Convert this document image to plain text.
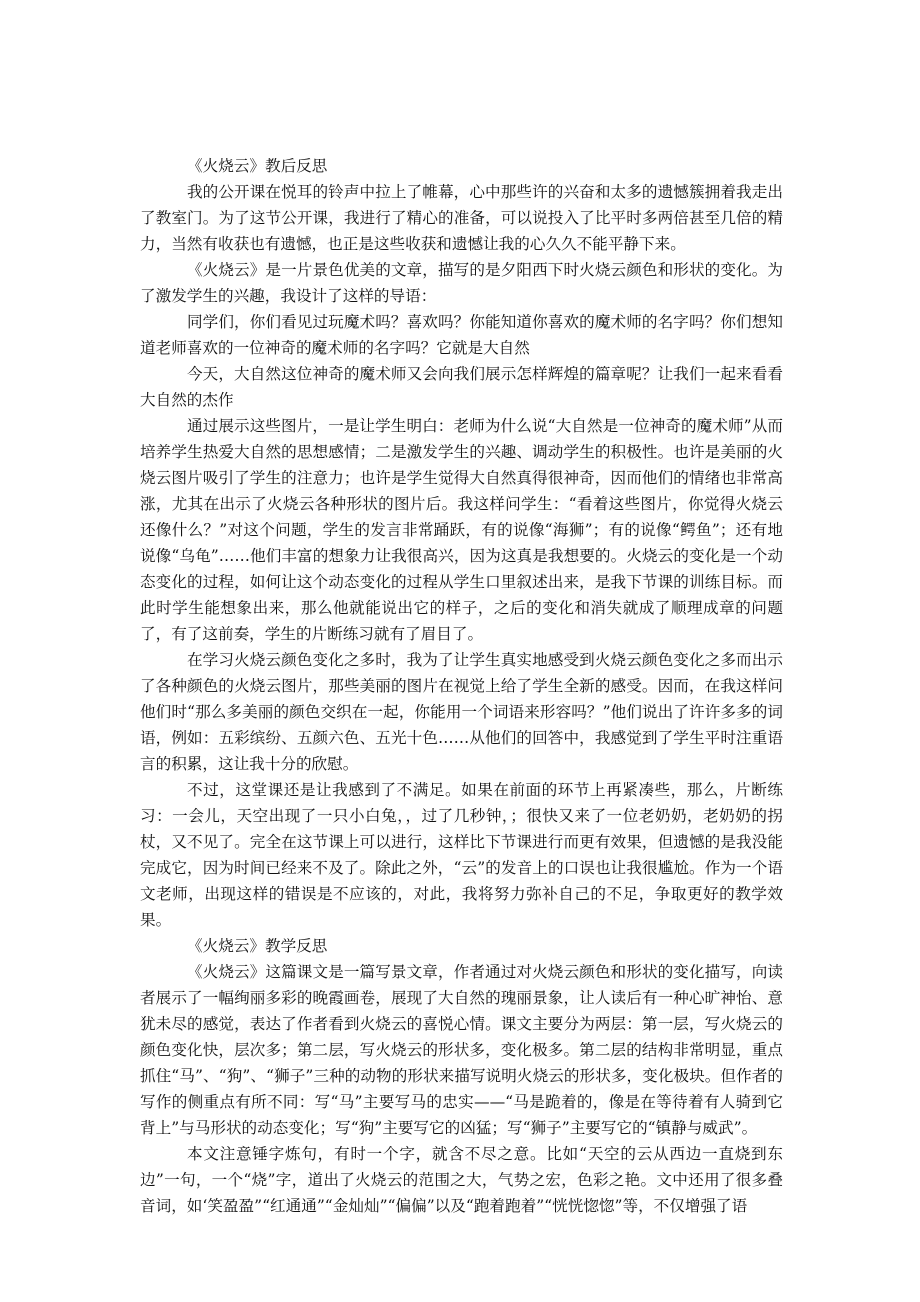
《火烧云》教后反思

我的公开课在悦耳的铃声中拉上了帷幕，心中那些许的兴奋和太多的遗憾簇拥着我走出了教室门。为了这节公开课，我进行了精心的准备，可以说投入了比平时多两倍甚至几倍的精力，当然有收获也有遗憾，也正是这些收获和遗憾让我的心久久不能平静下来。

《火烧云》是一片景色优美的文章，描写的是夕阳西下时火烧云颜色和形状的变化。为了激发学生的兴趣，我设计了这样的导语：

同学们，你们看见过玩魔术吗？喜欢吗？你能知道你喜欢的魔术师的名字吗？你们想知道老师喜欢的一位神奇的魔术师的名字吗？它就是大自然

今天，大自然这位神奇的魔术师又会向我们展示怎样辉煌的篇章呢？让我们一起来看看大自然的杰作

通过展示这些图片，一是让学生明白：老师为什么说“大自然是一位神奇的魔术师”从而培养学生热爱大自然的思想感情；二是激发学生的兴趣、调动学生的积极性。也许是美丽的火烧云图片吸引了学生的注意力；也许是学生觉得大自然真得很神奇，因而他们的情绪也非常高涨，尤其在出示了火烧云各种形状的图片后。我这样问学生：“看着这些图片，你觉得火烧云还像什么？”对这个问题，学生的发言非常踊跃，有的说像“海狮”；有的说像“鳄鱼”；还有地说像“乌龟”……他们丰富的想象力让我很高兴，因为这真是我想要的。火烧云的变化是一个动态变化的过程，如何让这个动态变化的过程从学生口里叙述出来，是我下节课的训练目标。而此时学生能想象出来，那么他就能说出它的样子，之后的变化和消失就成了顺理成章的问题了，有了这前奏，学生的片断练习就有了眉目了。

在学习火烧云颜色变化之多时，我为了让学生真实地感受到火烧云颜色变化之多而出示了各种颜色的火烧云图片，那些美丽的图片在视觉上给了学生全新的感受。因而，在我这样问他们时“那么多美丽的颜色交织在一起，你能用一个词语来形容吗？”他们说出了许许多多的词语，例如：五彩缤纷、五颜六色、五光十色……从他们的回答中，我感觉到了学生平时注重语言的积累，这让我十分的欣慰。

不过，这堂课还是让我感到了不满足。如果在前面的环节上再紧凑些，那么，片断练习：一会儿，天空出现了一只小白兔，，过了几秒钟，；很快又来了一位老奶奶，老奶奶的拐杖，又不见了。完全在这节课上可以进行，这样比下节课进行而更有效果，但遗憾的是我没能完成它，因为时间已经来不及了。除此之外，“云”的发音上的口误也让我很尴尬。作为一个语文老师，出现这样的错误是不应该的，对此，我将努力弥补自己的不足，争取更好的教学效果。

《火烧云》教学反思

《火烧云》这篇课文是一篇写景文章，作者通过对火烧云颜色和形状的变化描写，向读者展示了一幅绚丽多彩的晚霞画卷，展现了大自然的瑰丽景象，让人读后有一种心旷神怡、意犹未尽的感觉，表达了作者看到火烧云的喜悦心情。课文主要分为两层：第一层，写火烧云的颜色变化快，层次多；第二层，写火烧云的形状多，变化极多。第二层的结构非常明显，重点抓住“马”、“狗”、“狮子”三种的动物的形状来描写说明火烧云的形状多，变化极块。但作者的写作的侧重点有所不同：写“马”主要写马的忠实——“马是跪着的，像是在等待着有人骑到它背上”与马形状的动态变化；写“狗”主要写它的凶猛；写“狮子”主要写它的“镇静与威武”。

本文注意锤字炼句，有时一个字，就含不尽之意。比如“天空的云从西边一直烧到东边”一句，一个“烧”字，道出了火烧云的范围之大，气势之宏，色彩之艳。文中还用了很多叠音词，如‘笑盈盈”“红通通”“金灿灿”“偏偏”以及“跑着跑着”“恍恍惚惚”等，不仅增强了语
